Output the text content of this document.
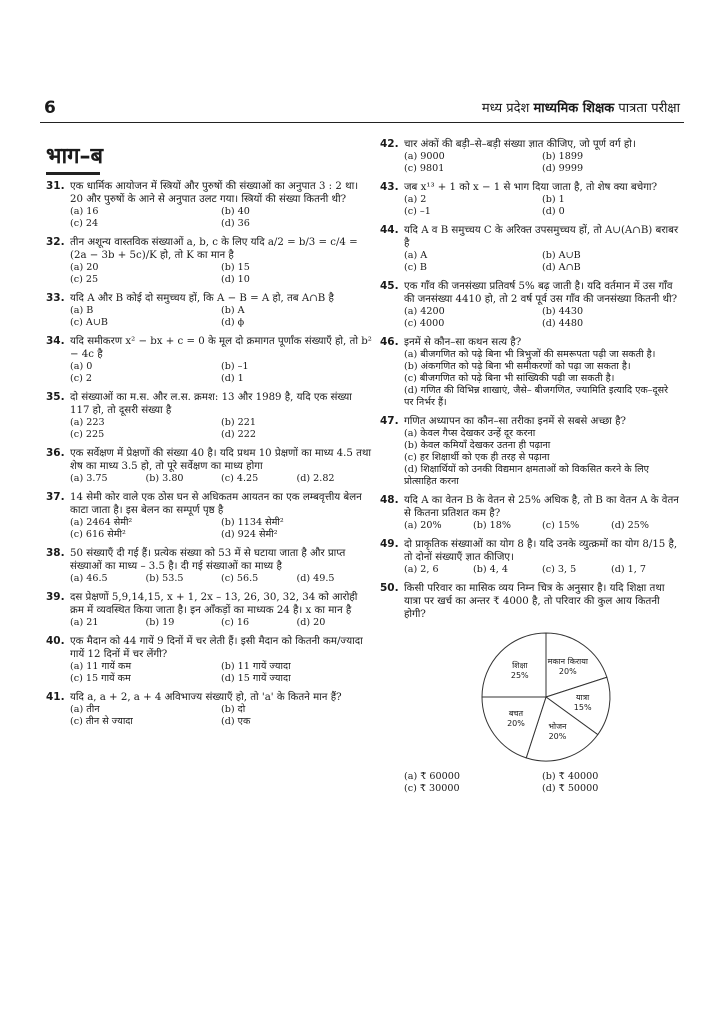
6	मध्य प्रदेश माध्यमिक शिक्षक पात्रता परीक्षा
भाग–ब
31. एक धार्मिक आयोजन में स्त्रियों और पुरुषों की संख्याओं का अनुपात 3 : 2 था। 20 और पुरुषों के आने से अनुपात उलट गया। स्त्रियों की संख्या कितनी थी?
(a) 16	(b) 40
(c) 24	(d) 36
32. तीन अशून्य वास्तविक संख्याओं a, b, c के लिए यदि a/2 = b/3 = c/4 = (2a − 3b + 5c)/K हो, तो K का मान है
(a) 20	(b) 15
(c) 25	(d) 10
33. यदि A और B कोई दो समुच्चय हों, कि A − B = A हो, तब A∩B है
(a) B	(b) A
(c) A∪B	(d) ϕ
34. यदि समीकरण x² − bx + c = 0 के मूल दो क्रमागत पूर्णांक संख्याएँ हो, तो b² − 4c है
(a) 0	(b) –1
(c) 2	(d) 1
35. दो संख्याओं का म.स. और ल.स. क्रमश: 13 और 1989 है, यदि एक संख्या 117 हो, तो दूसरी संख्या है
(a) 223	(b) 221
(c) 225	(d) 222
36. एक सर्वेक्षण में प्रेक्षणों की संख्या 40 है। यदि प्रथम 10 प्रेक्षणों का माध्य 4.5 तथा शेष का माध्य 3.5 हो, तो पूरे सर्वेक्षण का माध्य होगा
(a) 3.75	(b) 3.80	(c) 4.25	(d) 2.82
37. 14 सेमी कोर वाले एक ठोस घन से अधिकतम आयतन का एक लम्बवृत्तीय बेलन काटा जाता है। इस बेलन का सम्पूर्ण पृष्ठ है
(a) 2464 सेमी²	(b) 1134 सेमी²
(c) 616 सेमी²	(d) 924 सेमी²
38. 50 संख्याएँ दी गई हैं। प्रत्येक संख्या को 53 में से घटाया जाता है और प्राप्त संख्याओं का माध्य – 3.5 है। दी गई संख्याओं का माध्य है
(a) 46.5	(b) 53.5	(c) 56.5	(d) 49.5
39. दस प्रेक्षणों 5,9,14,15, x + 1, 2x – 13, 26, 30, 32, 34 को आरोही क्रम में व्यवस्थित किया जाता है। इन आँकड़ों का माध्यक 24 है। x का मान है
(a) 21	(b) 19	(c) 16	(d) 20
40. एक मैदान को 44 गायें 9 दिनों में चर लेती हैं। इसी मैदान को कितनी कम/ज्यादा गायें 12 दिनों में चर लेंगी?
(a) 11 गायें कम	(b) 11 गायें ज्यादा
(c) 15 गायें कम	(d) 15 गायें ज्यादा
41. यदि a, a + 2, a + 4 अविभाज्य संख्याएँ हो, तो 'a' के कितने मान हैं?
(a) तीन	(b) दो
(c) तीन से ज्यादा	(d) एक
42. चार अंकों की बड़ी–से–बड़ी संख्या ज्ञात कीजिए, जो पूर्ण वर्ग हो।
(a) 9000	(b) 1899
(c) 9801	(d) 9999
43. जब x¹³ + 1 को x − 1 से भाग दिया जाता है, तो शेष क्या बचेगा?
(a) 2	(b) 1
(c) –1	(d) 0
44. यदि A व B समुच्चय C के अरिक्त उपसमुच्चय हों, तो A∪(A∩B) बराबर है
(a) A	(b) A∪B
(c) B	(d) A∩B
45. एक गाँव की जनसंख्या प्रतिवर्ष 5% बढ़ जाती है। यदि वर्तमान में उस गाँव की जनसंख्या 4410 हो, तो 2 वर्ष पूर्व उस गाँव की जनसंख्या कितनी थी?
(a) 4200	(b) 4430
(c) 4000	(d) 4480
46. इनमें से कौन–सा कथन सत्य है?
(a) बीजगणित को पढ़े बिना भी त्रिभुजों की समरूपता पढ़ी जा सकती है।
(b) अंकगणित को पढ़े बिना भी समीकरणों को पढ़ा जा सकता है।
(c) बीजगणित को पढ़े बिना भी सांख्यिकी पढ़ी जा सकती है।
(d) गणित की विभिन्न शाखाएं, जैसे– बीजगणित, ज्यामिति इत्यादि एक–दूसरे पर निर्भर हैं।
47. गणित अध्यापन का कौन–सा तरीका इनमें से सबसे अच्छा है?
(a) केवल गैप्स देखकर उन्हें दूर करना
(b) केवल कमियाँ देखकर उतना ही पढ़ाना
(c) हर शिक्षार्थी को एक ही तरह से पढ़ाना
(d) शिक्षार्थियों को उनकी विद्यमान क्षमताओं को विकसित करने के लिए प्रोत्साहित करना
48. यदि A का वेतन B के वेतन से 25% अधिक है, तो B का वेतन A के वेतन से कितना प्रतिशत कम है?
(a) 20%	(b) 18%	(c) 15%	(d) 25%
49. दो प्राकृतिक संख्याओं का योग 8 है। यदि उनके व्युत्क्रमों का योग 8/15 है, तो दोनों संख्याएँ ज्ञात कीजिए।
(a) 2, 6	(b) 4, 4	(c) 3, 5	(d) 1, 7
50. किसी परिवार का मासिक व्यय निम्न चित्र के अनुसार है। यदि शिक्षा तथा यात्रा पर खर्च का अन्तर ₹ 4000 है, तो परिवार की कुल आय कितनी होगी?
शिक्षा
25%
मकान किराया
20%
यात्रा
15%
भोजन
20%
बचत
20%
(a) ₹ 60000	(b) ₹ 40000
(c) ₹ 30000	(d) ₹ 50000
